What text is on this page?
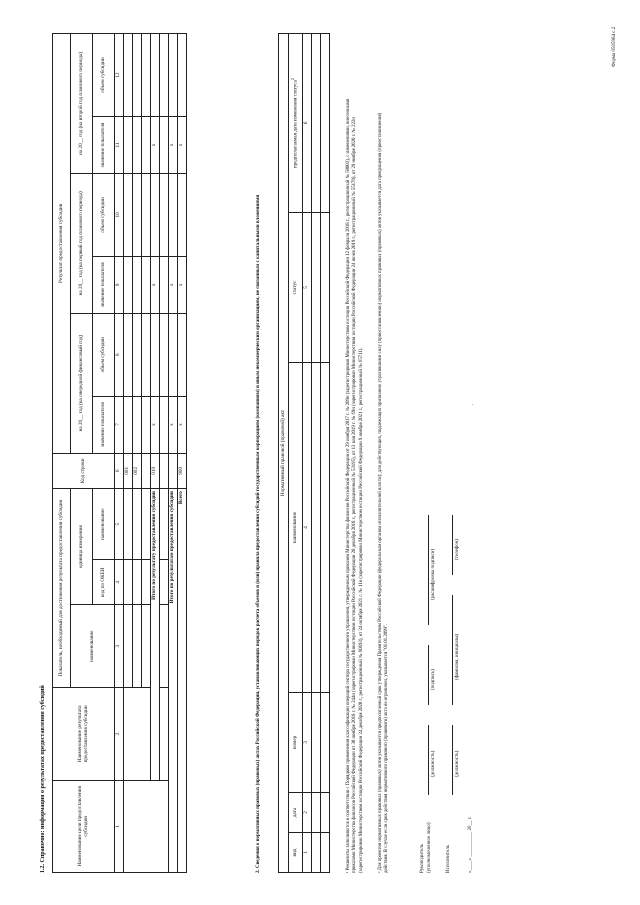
Форма 0505964 с.2
1.2. Справочно: информация о результатах предоставления субсидий	Наименование цели предоставления субсидии	Наименование результата предоставления субсидии	Показатель, необходимый для достижения результата предоставления субсидии			Код строки	Результат предоставления субсидии					
		наименование	единица измерения			на 20__ год (на очередной финансовый год)		на 20__ год (на первый год планового периода)		на 20__ год (на второй год планового периода)	
			код по ОКЕИ	наименование		значение показателя	объем субсидии	значение показателя	объем субсидии	значение показателя	объем субсидии
1	2	3	4	5	6	7	8	9	10	11	12
					001						
					002						

	Итого по результату предоставления субсидии				010	x		x		x	

Итого по результатам предоставления субсидии						x		x		x	
Всего					900	x		x		x	
2. Сведения о нормативных правовых (правовых) актах Российской Федерации, устанавливающих порядок расчета объемов и (или) правила предоставления субсидий государственным корпорациям (компаниям) и иным некоммерческим организациям, не связанным с капитальными вложениями	Нормативный правовой (правовой) акт					
вид	дата	номер	наименование	статус	предполагаемая дата изменения статуса$^2$
1	2	3	4	5	6

						¹ Реквизиты заполняются в соответствии с Порядком применения классификации операций сектора государственного управления, утвержденным приказом Министерства финансов Российской Федерации от 29 ноября 2017 г. № 209н (зарегистрирован Министерством юстиции Российской Федерации 12 февраля 2018 г., регистрационный № 50003), с изменениями, внесенными приказами Министерства финансов Российской Федерации от 30 ноября 2018 г. № 244н (зарегистрирован Министерством юстиции Российской Федерации 28 декабря 2018 г., регистрационный № 53195), от 13 мая 2019 г. № 69н (зарегистрирован Министерством юстиции Российской Федерации 24 июня 2019 г., регистрационный № 55170), от 29 ноября 2020 г. № 222н (зарегистрирован Министерством юстиции Российской Федерации 24 декабря 2020 г., регистрационный № 60693), от 24 октября 2021 г. № 11н (зарегистрирован Министерством юстиции Российской Федерации 9 ноября 2021 г., регистрационный № 65711).	² Для проектов нормативных правовых (правовых) актов указывается предполагаемый срок утверждения Правительством Российской Федерации (федеральным органом исполнительной власти); для действующих, подлежащих признанию утратившими силу (приостановлению) нормативных правовых (правовых) актов указывается дата прекращения (приостановления) действия. В случае если срок действия нормативного правового (правового) акта не ограничен, указывается "01.01.2099".	Руководитель (уполномоченное лицо)
(должность)
(подпись)
(расшифровка подписи)
Исполнитель
(должность)
(фамилия, инициалы)
(телефон)
«____» __________ 20__ г.
.
